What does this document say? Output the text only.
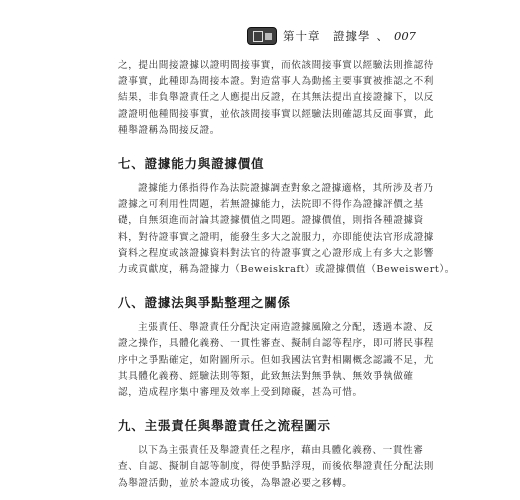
第十章　證據學 、 007

之，提出間接證據以證明間接事實，而依該間接事實以經驗法則推認待
證事實，此種即為間接本證。對造當事人為動搖主要事實被推認之不利
結果，非負舉證責任之人應提出反證，在其無法提出直接證據下，以反
證證明他種間接事實，並依該間接事實以經驗法則確認其反面事實，此
種舉證稱為間接反證。

七、證據能力與證據價值

證據能力係指得作為法院證據調查對象之證據適格，其所涉及者乃
證據之可利用性問題，若無證據能力，法院即不得作為證據評價之基
礎，自無須進而討論其證據價值之問題。證據價值，則指各種證據資
料，對待證事實之證明，能發生多大之說服力，亦即能使法官形成證據
資料之程度或該證據資料對法官的待證事實之心證形成上有多大之影響
力或貢獻度，稱為證據力（Beweiskraft）或證據價值（Beweiswert）。

八、證據法與爭點整理之關係

主張責任、舉證責任分配決定兩造證據風險之分配，透過本證、反
證之操作，具體化義務、一貫性審查、擬制自認等程序，即可將民事程
序中之爭點確定，如附圖所示。但如我國法官對相關概念認識不足，尤
其具體化義務、經驗法則等類，此致無法對無爭執、無效爭執做確
認，造成程序集中審理及效率上受到障礙，甚為可惜。

九、主張責任與舉證責任之流程圖示

以下為主張責任及舉證責任之程序，藉由具體化義務、一貫性審
查、自認、擬制自認等制度，得使爭點浮現，而後依舉證責任分配法則
為舉證活動，並於本證成功後，為舉證必要之移轉。
